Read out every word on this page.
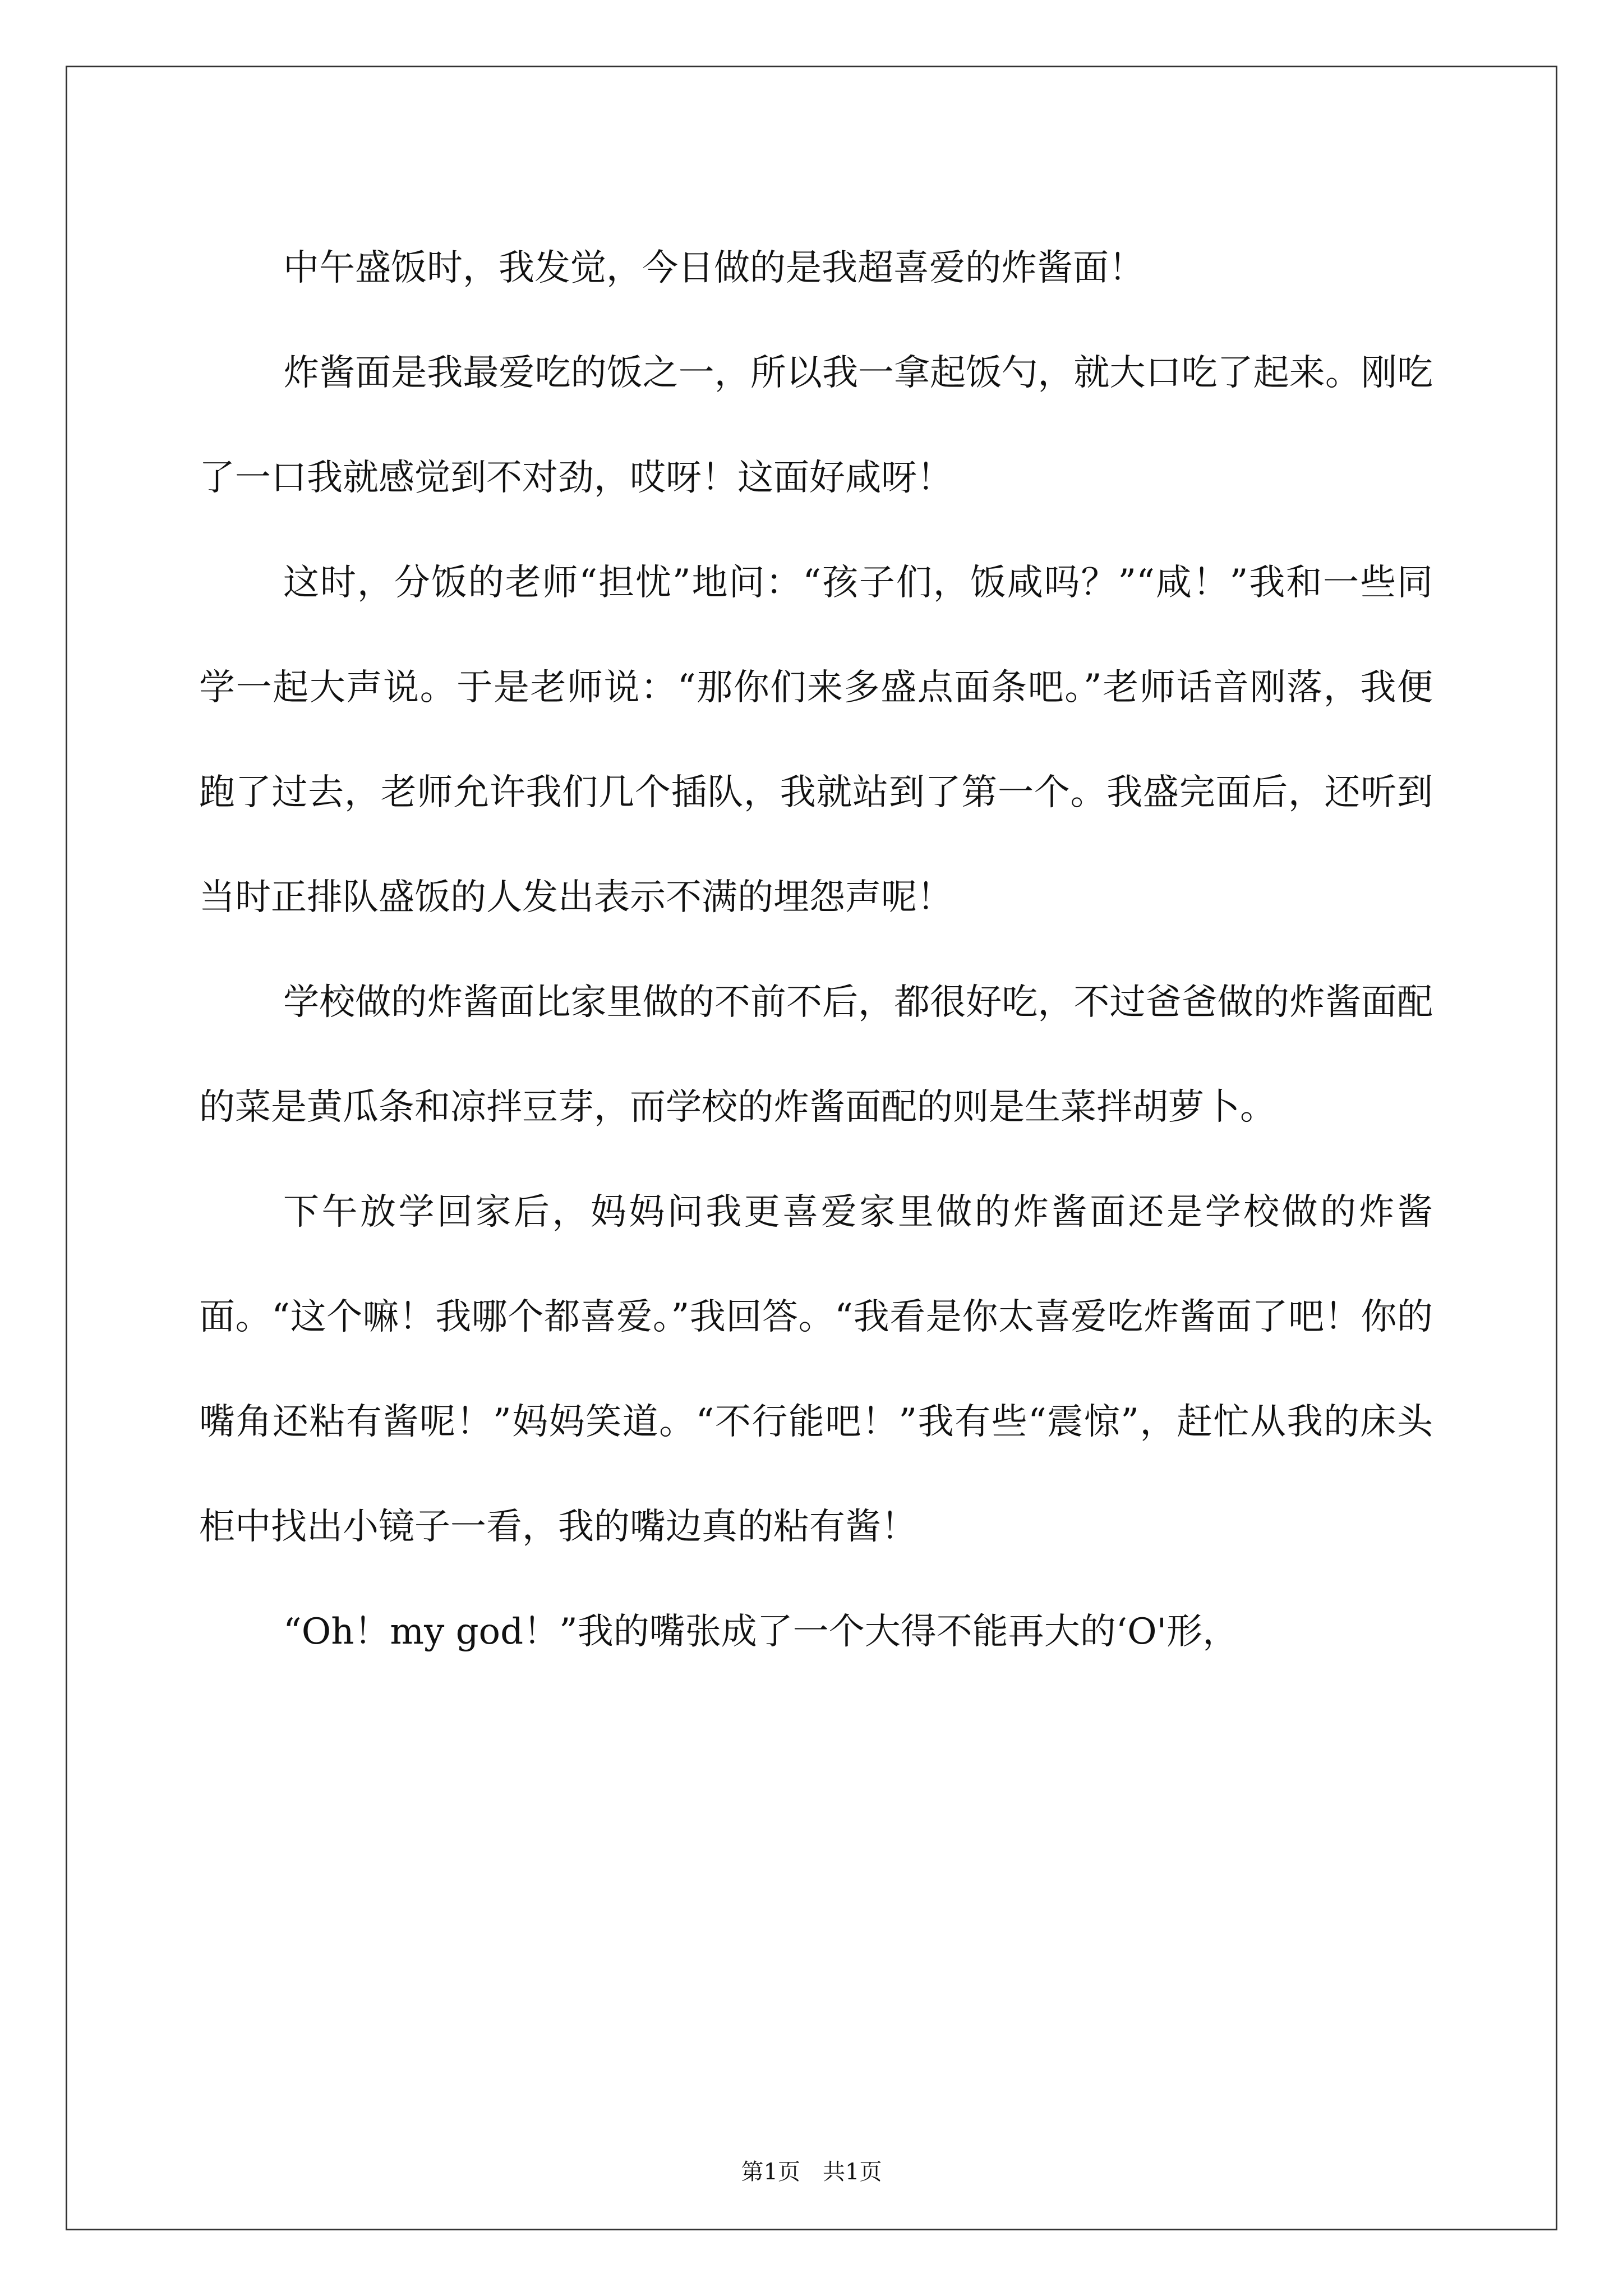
中午盛饭时，我发觉，今日做的是我超喜爱的炸酱面！

炸酱面是我最爱吃的饭之一，所以我一拿起饭勺，就大口吃了起来。刚吃了一口我就感觉到不对劲，哎呀！这面好咸呀！

这时，分饭的老师“担忧”地问：“孩子们，饭咸吗？”“咸！”我和一些同学一起大声说。于是老师说：“那你们来多盛点面条吧。”老师话音刚落，我便跑了过去，老师允许我们几个插队，我就站到了第一个。我盛完面后，还听到当时正排队盛饭的人发出表示不满的埋怨声呢！

学校做的炸酱面比家里做的不前不后，都很好吃，不过爸爸做的炸酱面配的菜是黄瓜条和凉拌豆芽，而学校的炸酱面配的则是生菜拌胡萝卜。

下午放学回家后，妈妈问我更喜爱家里做的炸酱面还是学校做的炸酱面。“这个嘛！我哪个都喜爱。”我回答。“我看是你太喜爱吃炸酱面了吧！你的嘴角还粘有酱呢！”妈妈笑道。“不行能吧！”我有些“震惊”，赶忙从我的床头柜中找出小镜子一看，我的嘴边真的粘有酱！

“Oh！my god！”我的嘴张成了一个大得不能再大的‘O'形，

第1页　共1页
